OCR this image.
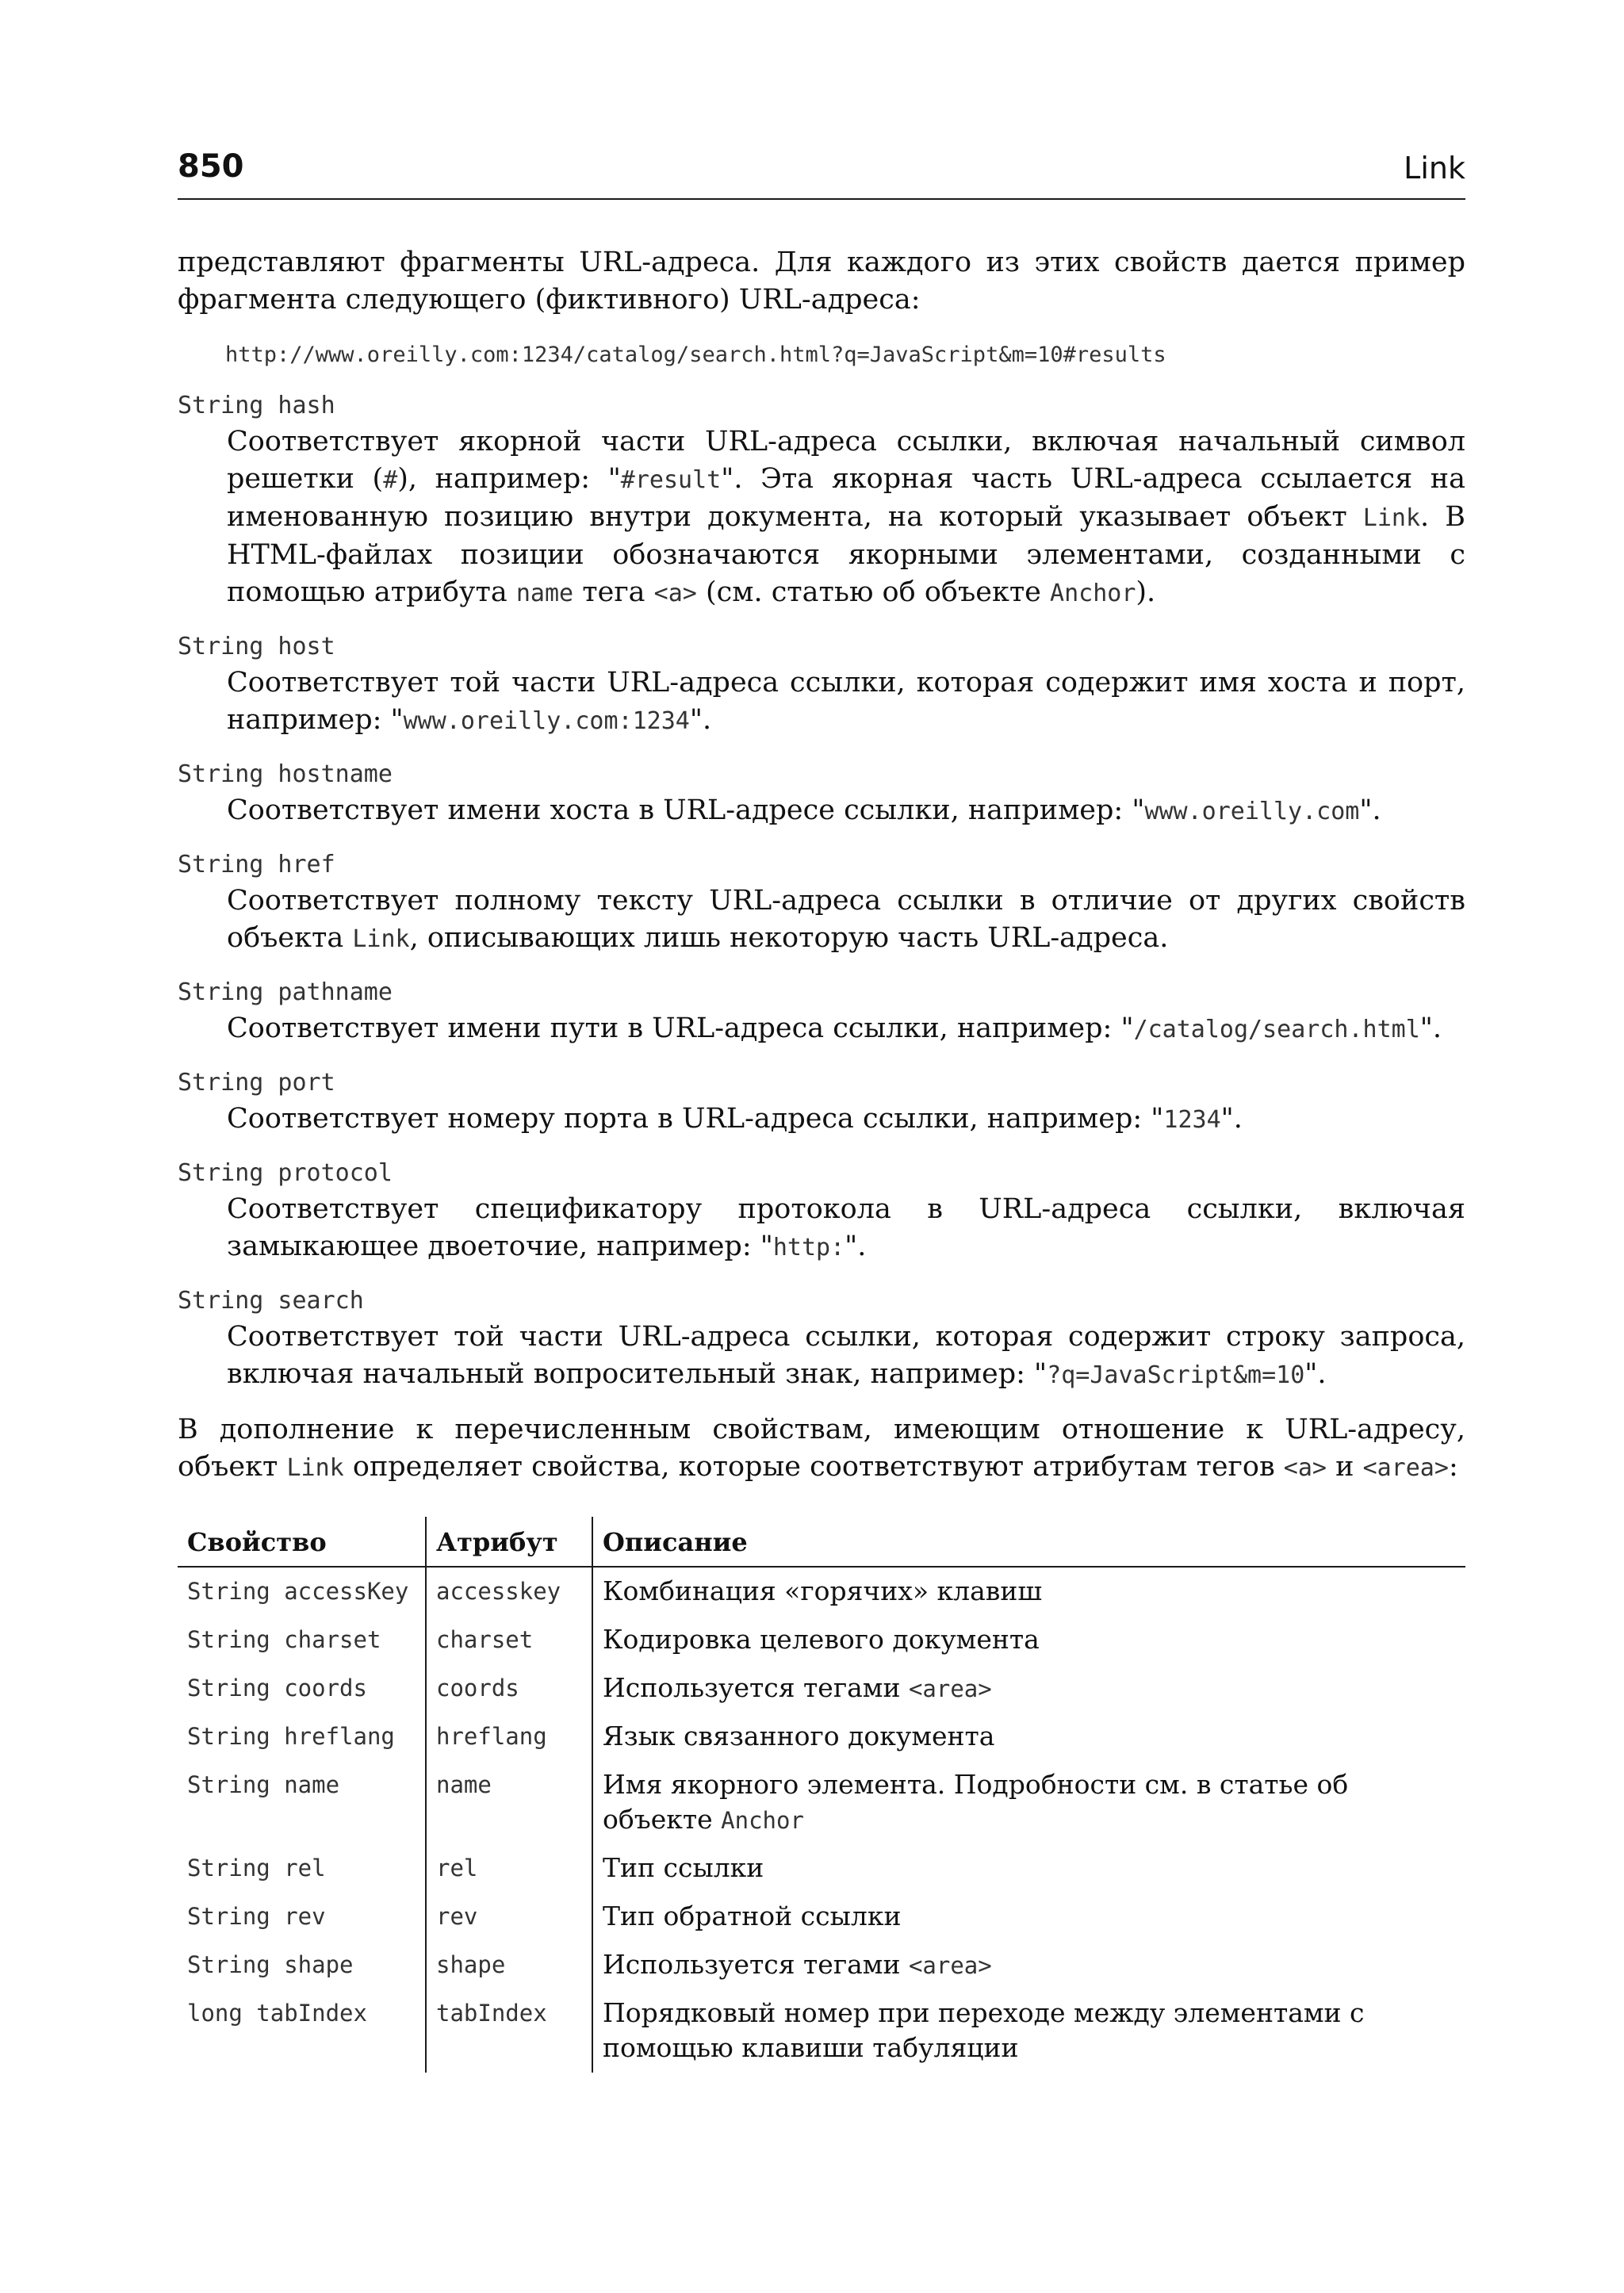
850	Link

представляют фрагменты URL-адреса. Для каждого из этих свойств дается пример фрагмента следующего (фиктивного) URL-адреса:

http://www.oreilly.com:1234/catalog/search.html?q=JavaScript&m=10#results
String hash

Соответствует якорной части URL-адреса ссылки, включая начальный символ решетки (#), например: "#result". Эта якорная часть URL-адреса ссылается на именованную позицию внутри документа, на который указывает объект Link. В HTML-файлах позиции обозначаются якорными элементами, созданными с помощью атрибута name тега <a> (см. статью об объекте Anchor).

String host

Соответствует той части URL-адреса ссылки, которая содержит имя хоста и порт, например: "www.oreilly.com:1234".

String hostname

Соответствует имени хоста в URL-адресе ссылки, например: "www.oreilly.com".

String href

Соответствует полному тексту URL-адреса ссылки в отличие от других свойств объекта Link, описывающих лишь некоторую часть URL-адреса.

String pathname

Соответствует имени пути в URL-адреса ссылки, например: "/catalog/search.html".

String port

Соответствует номеру порта в URL-адреса ссылки, например: "1234".

String protocol

Соответствует спецификатору протокола в URL-адреса ссылки, включая замыкающее двоеточие, например: "http:".

String search

Соответствует той части URL-адреса ссылки, которая содержит строку запроса, включая начальный вопросительный знак, например: "?q=JavaScript&m=10".

В дополнение к перечисленным свойствам, имеющим отношение к URL-адресу, объект Link определяет свойства, которые соответствуют атрибутам тегов <a> и <area>:

Свойство	Атрибут	Описание
String accessKey	accesskey	Комбинация «горячих» клавиш
String charset	charset	Кодировка целевого документа
String coords	coords	Используется тегами <area>
String hreflang	hreflang	Язык связанного документа
String name	name	Имя якорного элемента. Подробности см. в статье об объекте Anchor
String rel	rel	Тип ссылки
String rev	rev	Тип обратной ссылки
String shape	shape	Используется тегами <area>
long tabIndex	tabIndex	Порядковый номер при переходе между элементами с помощью клавиши табуляции
